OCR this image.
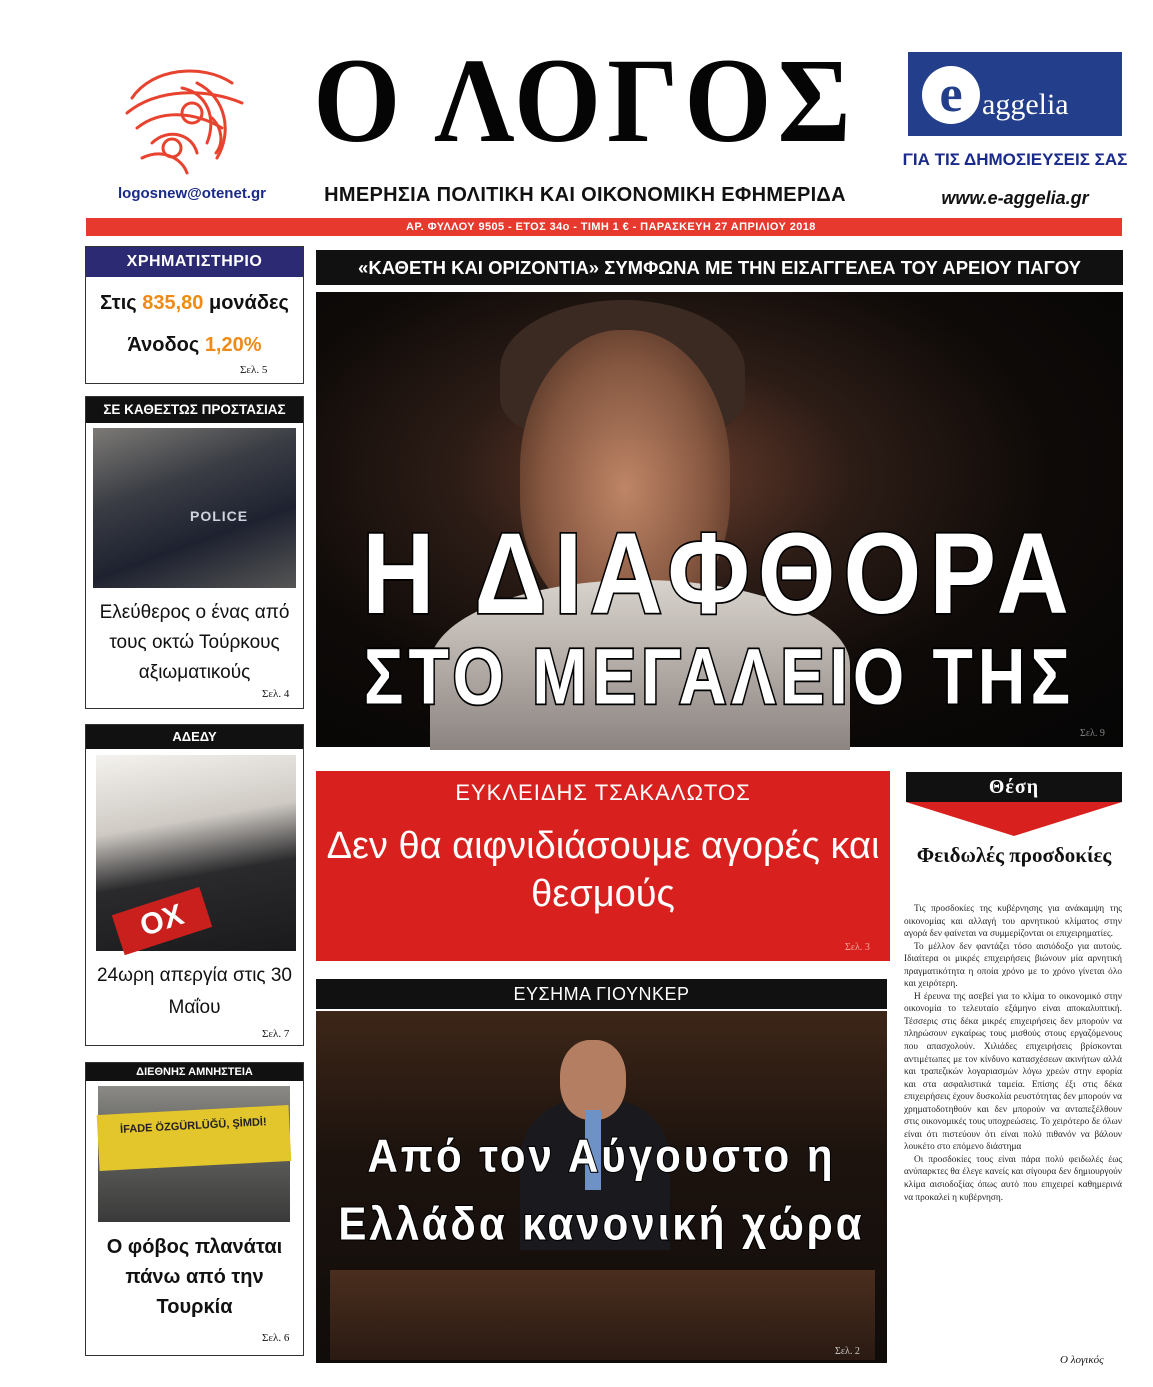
logosnew@otenet.gr
Ο ΛΟΓΟΣ
ΗΜΕΡΗΣΙΑ ΠΟΛΙΤΙΚΗ ΚΑΙ ΟΙΚΟΝΟΜΙΚΗ ΕΦΗΜΕΡΙΔΑ
e aggelia
ΓΙΑ ΤΙΣ ΔΗΜΟΣΙΕΥΣΕΙΣ ΣΑΣ
www.e-aggelia.gr
ΑΡ. ΦΥΛΛΟΥ 9505 - ΕΤΟΣ 34ο - ΤΙΜΗ 1 € - ΠΑΡΑΣΚΕΥΗ 27 ΑΠΡΙΛΙΟΥ 2018
ΧΡΗΜΑΤΙΣΤΗΡΙΟ
Στις 835,80 μονάδες
Άνοδος 1,20%
Σελ. 5
ΣΕ ΚΑΘΕΣΤΩΣ ΠΡΟΣΤΑΣΙΑΣ
POLICE
Ελεύθερος ο ένας από τους οκτώ Τούρκους αξιωματικούς
Σελ. 4
ΑΔΕΔΥ
ΟΧ
24ωρη απεργία στις 30 Μαΐου
Σελ. 7
ΔΙΕΘΝΗΣ ΑΜΝΗΣΤΕΙΑ
İFADE ÖZGÜRLÜĞÜ, ŞİMDİ!
Ο φόβος πλανάται πάνω από την Τουρκία
Σελ. 6
«ΚΑΘΕΤΗ ΚΑΙ ΟΡΙΖΟΝΤΙΑ» ΣΥΜΦΩΝΑ ΜΕ ΤΗΝ ΕΙΣΑΓΓΕΛΕΑ ΤΟΥ ΑΡΕΙΟΥ ΠΑΓΟΥ
Η ΔΙΑΦΘΟΡΑ
ΣΤΟ ΜΕΓΑΛΕΙΟ ΤΗΣ
Σελ. 9
ΕΥΚΛΕΙΔΗΣ ΤΣΑΚΑΛΩΤΟΣ
Δεν θα αιφνιδιάσουμε αγορές και θεσμούς
Σελ. 3
ΕΥΣΗΜΑ ΓΙΟΥΝΚΕΡ
Από τον Αύγουστο η Ελλάδα κανονική χώρα
Σελ. 2
Θέση
Φειδωλές προσδοκίες

Τις προσδοκίες της κυβέρνησης για ανάκαμψη της οικονομίας και αλλαγή του αρνητικού κλίματος στην αγορά δεν φαίνεται να συμμερίζονται οι επιχειρηματίες.

Το μέλλον δεν φαντάζει τόσο αισιόδοξο για αυτούς. Ιδιαίτερα οι μικρές επιχειρήσεις βιώνουν μία αρνητική πραγματικότητα η οποία χρόνο με το χρόνο γίνεται όλο και χειρότερη.

Η έρευνα της ασεβεί για το κλίμα το οικονομικό στην οικονομία το τελευταίο εξάμηνο είναι αποκαλυπτική. Τέσσερις στις δέκα μικρές επιχειρήσεις δεν μπορούν να πληρώσουν εγκαίρως τους μισθούς στους εργαζόμενους που απασχολούν. Χιλιάδες επιχειρήσεις βρίσκονται αντιμέτωπες με τον κίνδυνο κατασχέσεων ακινήτων αλλά και τραπεζικών λογαριασμών λόγω χρεών στην εφορία και στα ασφαλιστικά ταμεία. Επίσης έξι στις δέκα επιχειρήσεις έχουν δυσκολία ρευστότητας δεν μπορούν να χρηματοδοτηθούν και δεν μπορούν να ανταπεξέλθουν στις οικονομικές τους υποχρεώσεις. Το χειρότερο δε όλων είναι ότι πιστεύουν ότι είναι πολύ πιθανόν να βάλουν λουκέτο στο επόμενο διάστημα

Οι προσδοκίες τους είναι πάρα πολύ φειδωλές έως ανύπαρκτες θα έλεγε κανείς και σίγουρα δεν δημιουργούν κλίμα αισιοδοξίας όπως αυτό που επιχειρεί καθημερινά να προκαλεί η κυβέρνηση.

Ο λογικός
